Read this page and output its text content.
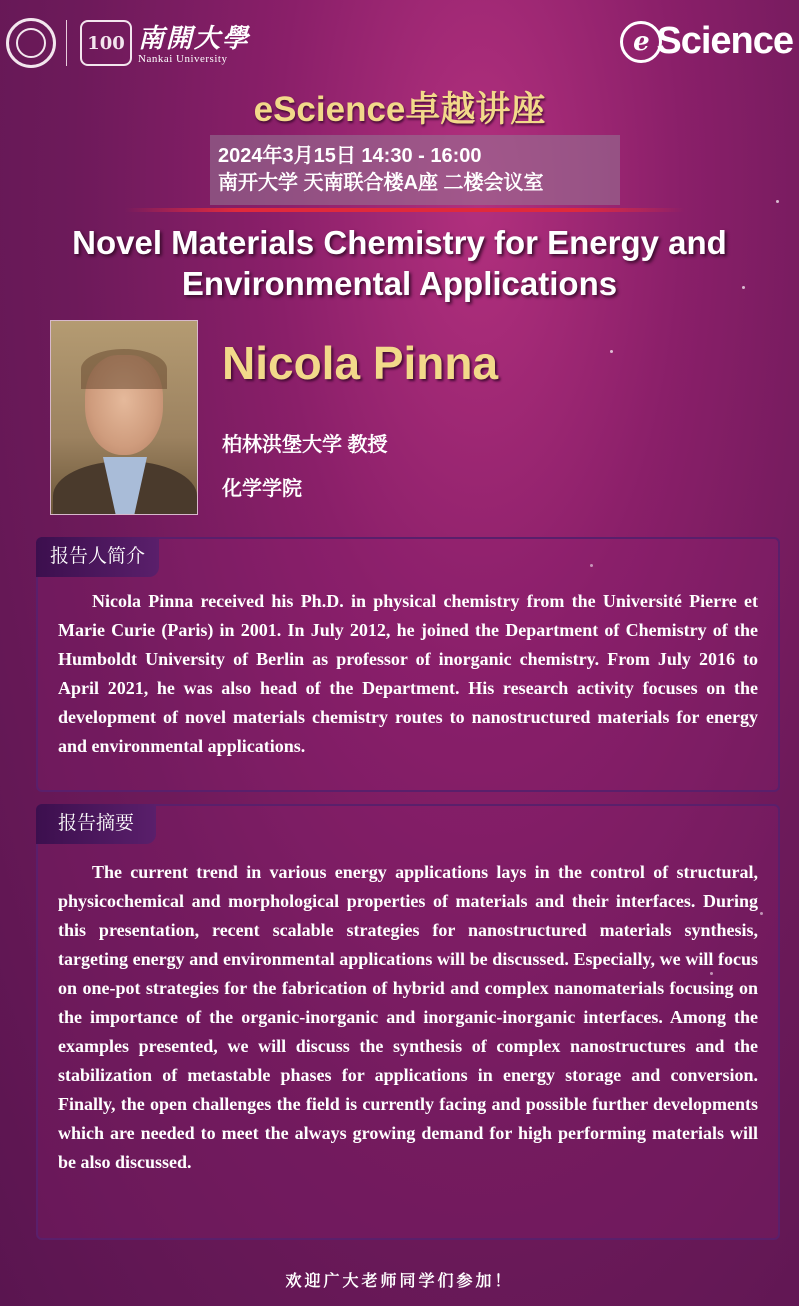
100 南開大學
Nankai University
e Science
eScience卓越讲座
2024年3月15日 14:30 - 16:00
南开大学 天南联合楼A座 二楼会议室
Novel Materials Chemistry for Energy and
Environmental Applications
Nicola Pinna
柏林洪堡大学 教授
化学学院
报告人简介
Nicola Pinna received his Ph.D. in physical chemistry from the Université Pierre et Marie Curie (Paris) in 2001. In July 2012, he joined the Department of Chemistry of the Humboldt University of Berlin as professor of inorganic chemistry. From July 2016 to April 2021, he was also head of the Department. His research activity focuses on the development of novel materials chemistry routes to nanostructured materials for energy and environmental applications.
报告摘要
The current trend in various energy applications lays in the control of structural, physicochemical and morphological properties of materials and their interfaces. During this presentation, recent scalable strategies for nanostructured materials synthesis, targeting energy and environmental applications will be discussed. Especially, we will focus on one-pot strategies for the fabrication of hybrid and complex nanomaterials focusing on the importance of the organic-inorganic and inorganic-inorganic interfaces. Among the examples presented, we will discuss the synthesis of complex nanostructures and the stabilization of metastable phases for applications in energy storage and conversion. Finally, the open challenges the field is currently facing and possible further developments which are needed to meet the always growing demand for high performing materials will be also discussed.
欢迎广大老师同学们参加！
